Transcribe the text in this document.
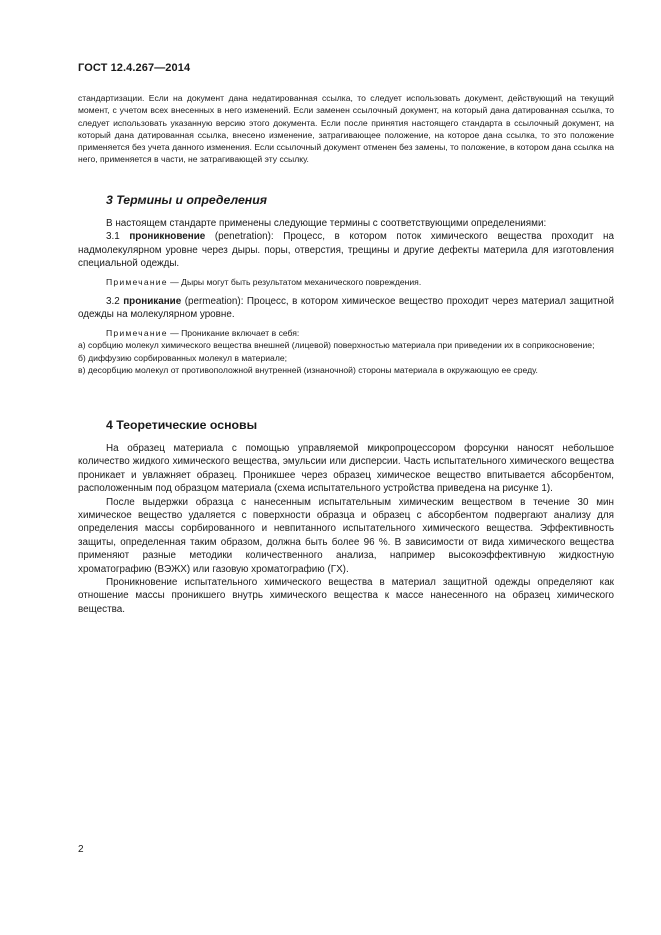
ГОСТ 12.4.267—2014

стандартизации. Если на документ дана недатированная ссылка, то следует использовать документ, действующий на текущий момент, с учетом всех внесенных в него изменений. Если заменен ссылочный документ, на который дана датированная ссылка, то следует использовать указанную версию этого документа. Если после принятия настоящего стандарта в ссылочный документ, на который дана датированная ссылка, внесено изменение, затрагивающее положение, на которое дана ссылка, то это положение применяется без учета данного изменения. Если ссылочный документ отменен без замены, то положение, в котором дана ссылка на него, применяется в части, не затрагивающей эту ссылку.

3 Термины и определения

В настоящем стандарте применены следующие термины с соответствующими определениями:

3.1 проникновение (penetration): Процесс, в котором поток химического вещества проходит на надмолекулярном уровне через дыры. поры, отверстия, трещины и другие дефекты материла для изготовления специальной одежды.

Примечание — Дыры могут быть результатом механического повреждения.

3.2 проникание (permeation): Процесс, в котором химическое вещество проходит через материал защитной одежды на молекулярном уровне.

Примечание — Проникание включает в себя:

а) сорбцию молекул химического вещества внешней (лицевой) поверхностью материала при приведении их в соприкосновение;

б) диффузию сорбированных молекул в материале;

в) десорбцию молекул от противоположной внутренней (изнаночной) стороны материала в окружающую ее среду.

4 Теоретические основы

На образец материала с помощью управляемой микропроцессором форсунки наносят небольшое количество жидкого химического вещества, эмульсии или дисперсии. Часть испытательного химического вещества проникает и увлажняет образец. Проникшее через образец химическое вещество впитывается абсорбентом, расположенным под образцом материала (схема испытательного устройства приведена на рисунке 1).

После выдержки образца с нанесенным испытательным химическим веществом в течение 30 мин химическое вещество удаляется с поверхности образца и образец с абсорбентом подвергают анализу для определения массы сорбированного и невпитанного испытательного химического вещества. Эффективность защиты, определенная таким образом, должна быть более 96 %. В зависимости от вида химического вещества применяют разные методики количественного анализа, например высокоэффективную жидкостную хроматографию (ВЭЖХ) или газовую хроматографию (ГХ).

Проникновение испытательного химического вещества в материал защитной одежды определяют как отношение массы проникшего внутрь химического вещества к массе нанесенного на образец химического вещества.

2
